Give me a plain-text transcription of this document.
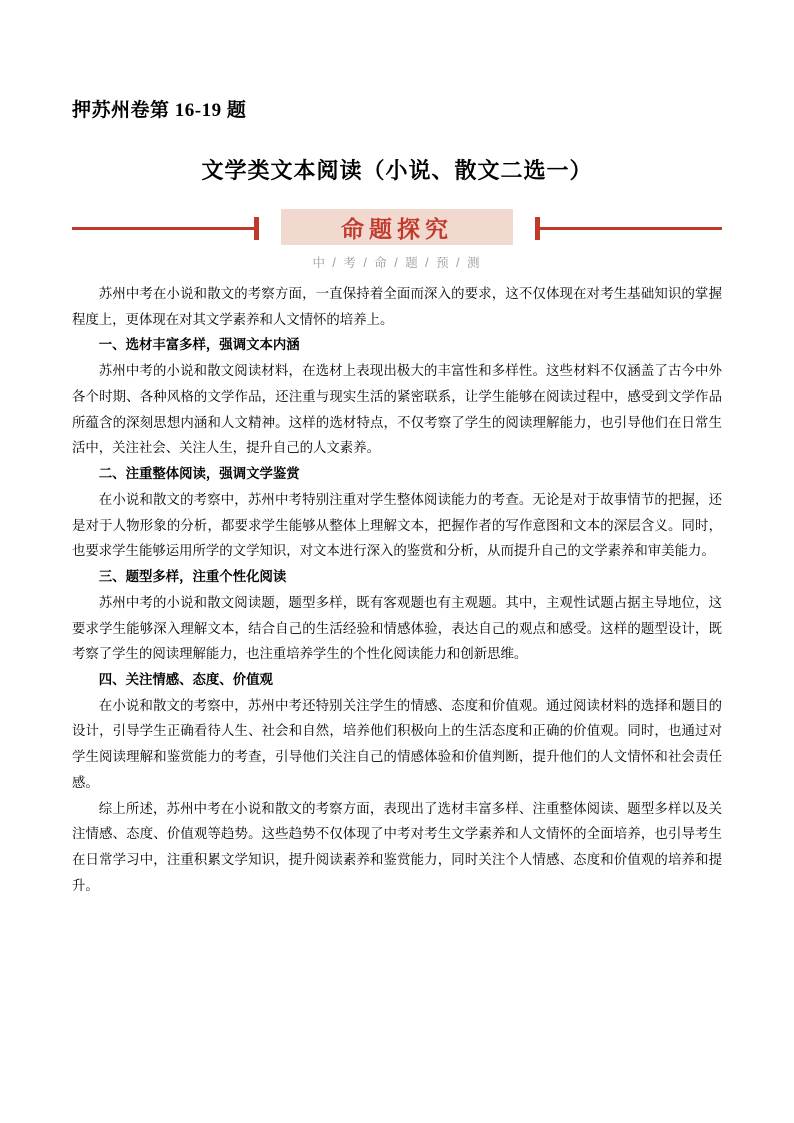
押苏州卷第 16-19 题
文学类文本阅读（小说、散文二选一）
命题探究
中 / 考 / 命 / 题 / 预 / 测

苏州中考在小说和散文的考察方面，一直保持着全面而深入的要求，这不仅体现在对考生基础知识的掌握程度上，更体现在对其文学素养和人文情怀的培养上。

一、选材丰富多样，强调文本内涵

苏州中考的小说和散文阅读材料，在选材上表现出极大的丰富性和多样性。这些材料不仅涵盖了古今中外各个时期、各种风格的文学作品，还注重与现实生活的紧密联系，让学生能够在阅读过程中，感受到文学作品所蕴含的深刻思想内涵和人文精神。这样的选材特点，不仅考察了学生的阅读理解能力，也引导他们在日常生活中，关注社会、关注人生，提升自己的人文素养。

二、注重整体阅读，强调文学鉴赏

在小说和散文的考察中，苏州中考特别注重对学生整体阅读能力的考查。无论是对于故事情节的把握，还是对于人物形象的分析，都要求学生能够从整体上理解文本，把握作者的写作意图和文本的深层含义。同时，也要求学生能够运用所学的文学知识，对文本进行深入的鉴赏和分析，从而提升自己的文学素养和审美能力。

三、题型多样，注重个性化阅读

苏州中考的小说和散文阅读题，题型多样，既有客观题也有主观题。其中，主观性试题占据主导地位，这要求学生能够深入理解文本，结合自己的生活经验和情感体验，表达自己的观点和感受。这样的题型设计，既考察了学生的阅读理解能力，也注重培养学生的个性化阅读能力和创新思维。

四、关注情感、态度、价值观

在小说和散文的考察中，苏州中考还特别关注学生的情感、态度和价值观。通过阅读材料的选择和题目的设计，引导学生正确看待人生、社会和自然，培养他们积极向上的生活态度和正确的价值观。同时，也通过对学生阅读理解和鉴赏能力的考查，引导他们关注自己的情感体验和价值判断，提升他们的人文情怀和社会责任感。

综上所述，苏州中考在小说和散文的考察方面，表现出了选材丰富多样、注重整体阅读、题型多样以及关注情感、态度、价值观等趋势。这些趋势不仅体现了中考对考生文学素养和人文情怀的全面培养，也引导考生在日常学习中，注重积累文学知识，提升阅读素养和鉴赏能力，同时关注个人情感、态度和价值观的培养和提升。
